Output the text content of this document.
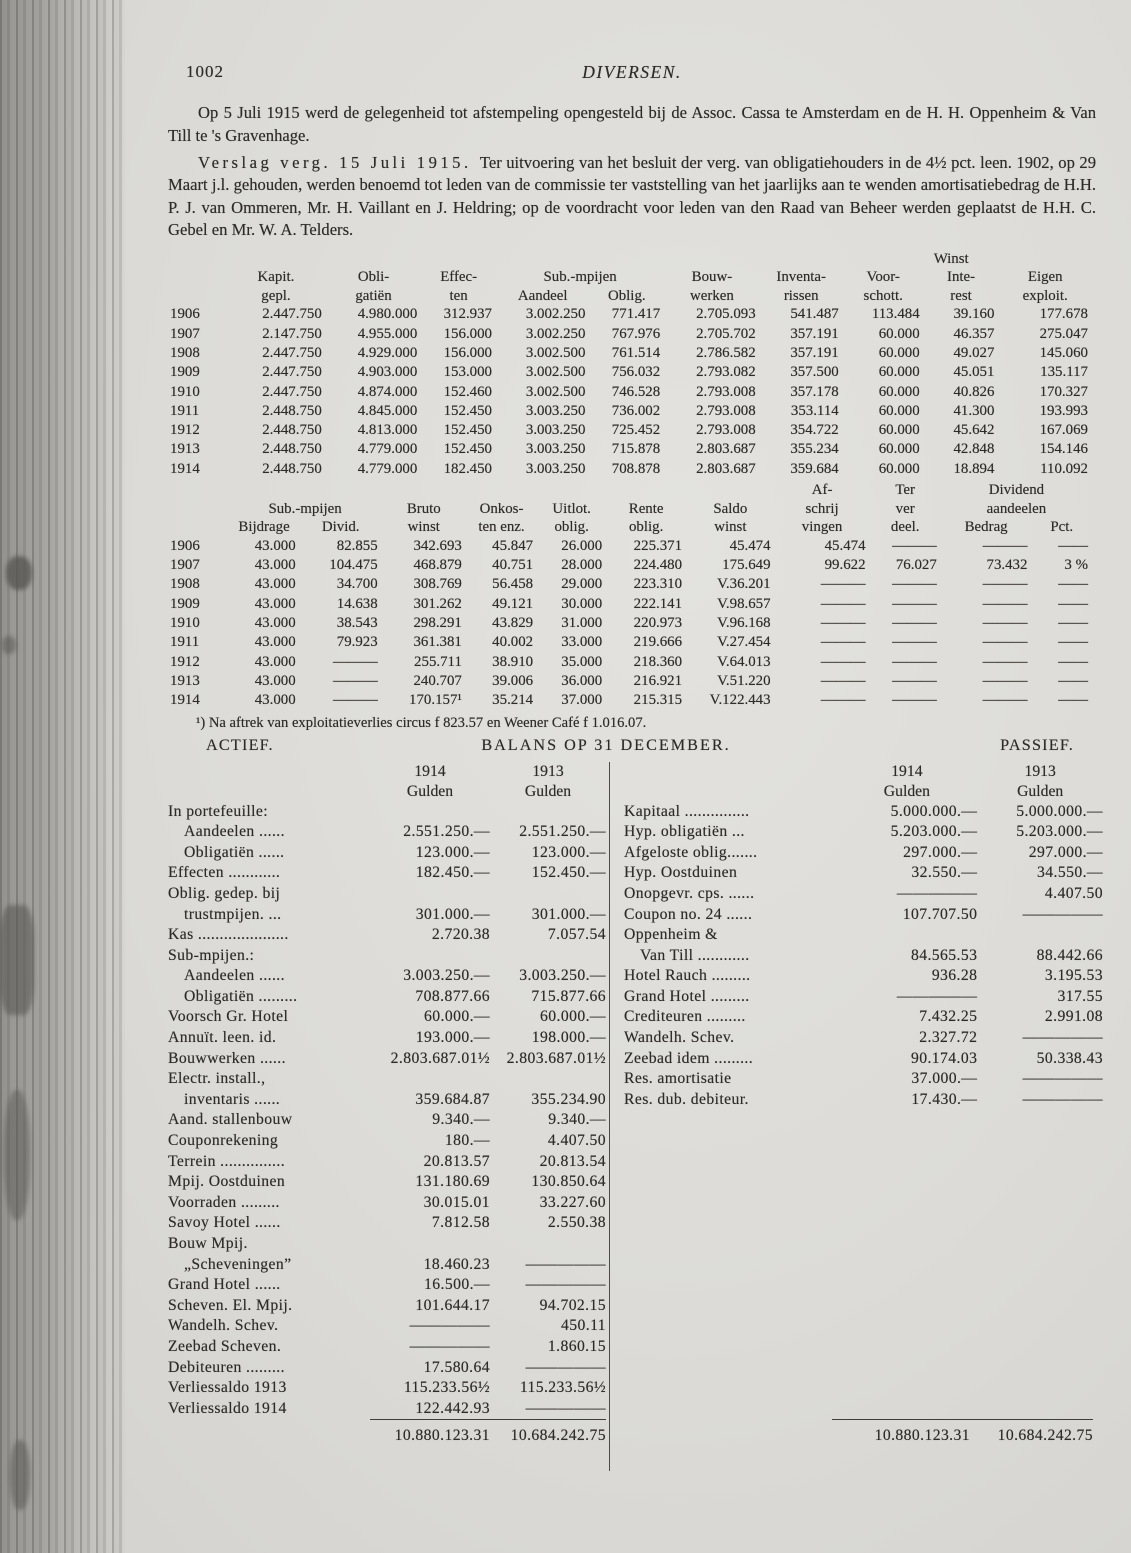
1002	DIVERSEN.

Op 5 Juli 1915 werd de gelegenheid tot afstempeling opengesteld bij de Assoc. Cassa te Amsterdam en de H. H. Oppenheim & Van Till te 's Gravenhage.

Verslag verg. 15 Juli 1915. Ter uitvoering van het besluit der verg. van obligatiehouders in de 4½ pct. leen. 1902, op 29 Maart j.l. gehouden, werden benoemd tot leden van de commissie ter vaststelling van het jaarlijks aan te wenden amortisatiebedrag de H.H. P. J. van Ommeren, Mr. H. Vaillant en J. Heldring; op de voordracht voor leden van den Raad van Beheer werden geplaatst de H.H. C. Gebel en Mr. W. A. Telders.

									Winst	
	Kapit.	Obli-	Effec-	Sub.-mpijen		Bouw-	Inventa-	Voor-	Inte-	Eigen
	gepl.	gatiën	ten	Aandeel	Oblig.	werken	rissen	schott.	rest	exploit.
1906	2.447.750	4.980.000	312.937	3.002.250	771.417	2.705.093	541.487	113.484	39.160	177.678
1907	2.147.750	4.955.000	156.000	3.002.250	767.976	2.705.702	357.191	60.000	46.357	275.047
1908	2.447.750	4.929.000	156.000	3.002.500	761.514	2.786.582	357.191	60.000	49.027	145.060
1909	2.447.750	4.903.000	153.000	3.002.500	756.032	2.793.082	357.500	60.000	45.051	135.117
1910	2.447.750	4.874.000	152.460	3.002.500	746.528	2.793.008	357.178	60.000	40.826	170.327
1911	2.448.750	4.845.000	152.450	3.003.250	736.002	2.793.008	353.114	60.000	41.300	193.993
1912	2.448.750	4.813.000	152.450	3.003.250	725.452	2.793.008	354.722	60.000	45.642	167.069
1913	2.448.750	4.779.000	152.450	3.003.250	715.878	2.803.687	355.234	60.000	42.848	154.146
1914	2.448.750	4.779.000	182.450	3.003.250	708.878	2.803.687	359.684	60.000	18.894	110.092
								Af-	Ter	Dividend	
	Sub.-mpijen		Bruto	Onkos-	Uitlot.	Rente	Saldo	schrij	ver	aandeelen	
	Bijdrage	Divid.	winst	ten enz.	oblig.	oblig.	winst	vingen	deel.	Bedrag	Pct.
1906	43.000	82.855	342.693	45.847	26.000	225.371	45.474	45.474	———	———	——
1907	43.000	104.475	468.879	40.751	28.000	224.480	175.649	99.622	76.027	73.432	3 %
1908	43.000	34.700	308.769	56.458	29.000	223.310	V.36.201	———	———	———	——
1909	43.000	14.638	301.262	49.121	30.000	222.141	V.98.657	———	———	———	——
1910	43.000	38.543	298.291	43.829	31.000	220.973	V.96.168	———	———	———	——
1911	43.000	79.923	361.381	40.002	33.000	219.666	V.27.454	———	———	———	——
1912	43.000	———	255.711	38.910	35.000	218.360	V.64.013	———	———	———	——
1913	43.000	———	240.707	39.006	36.000	216.921	V.51.220	———	———	———	——
1914	43.000	———	170.157¹	35.214	37.000	215.315	V.122.443	———	———	———	——
¹) Na aftrek van exploitatieverlies circus f 823.57 en Weener Café f 1.016.07.
ACTIEF.	BALANS OP 31 DECEMBER.	PASSIEF.

1914
Gulden

1913
Gulden

In portefeuille:		
Aandeelen ......	2.551.250.—	2.551.250.—
Obligatiën ......	123.000.—	123.000.—
Effecten ............	182.450.—	152.450.—
Oblig. gedep. bij		
trustmpijen. ...	301.000.—	301.000.—
Kas .....................	2.720.38	7.057.54
Sub-mpijen.:		
Aandeelen ......	3.003.250.—	3.003.250.—
Obligatiën .........	708.877.66	715.877.66
Voorsch Gr. Hotel	60.000.—	60.000.—
Annuït. leen. id.	193.000.—	198.000.—
Bouwwerken ......	2.803.687.01½	2.803.687.01½
Electr. install.,		
inventaris ......	359.684.87	355.234.90
Aand. stallenbouw	9.340.—	9.340.—
Couponrekening	180.—	4.407.50
Terrein ...............	20.813.57	20.813.54
Mpij. Oostduinen	131.180.69	130.850.64
Voorraden .........	30.015.01	33.227.60
Savoy Hotel ......	7.812.58	2.550.38
Bouw Mpij.		
„Scheveningen”	18.460.23	—————
Grand Hotel ......	16.500.—	—————
Scheven. El. Mpij.	101.644.17	94.702.15
Wandelh. Schev.	—————	450.11
Zeebad Scheven.	—————	1.860.15
Debiteuren .........	17.580.64	—————
Verliessaldo 1913	115.233.56½	115.233.56½
Verliessaldo 1914	122.442.93	—————
10.880.123.31	10.684.242.75

1914
Gulden

1913
Gulden

Kapitaal ...............	5.000.000.—	5.000.000.—
Hyp. obligatiën ...	5.203.000.—	5.203.000.—
Afgeloste oblig.......	297.000.—	297.000.—
Hyp. Oostduinen	32.550.—	34.550.—
Onopgevr. cps. ......	—————	4.407.50
Coupon no. 24 ......	107.707.50	—————
Oppenheim &		
Van Till ............	84.565.53	88.442.66
Hotel Rauch .........	936.28	3.195.53
Grand Hotel .........	—————	317.55
Crediteuren .........	7.432.25	2.991.08
Wandelh. Schev.	2.327.72	—————
Zeebad idem .........	90.174.03	50.338.43
Res. amortisatie	37.000.—	—————
Res. dub. debiteur.	17.430.—	—————
10.880.123.31	10.684.242.75
